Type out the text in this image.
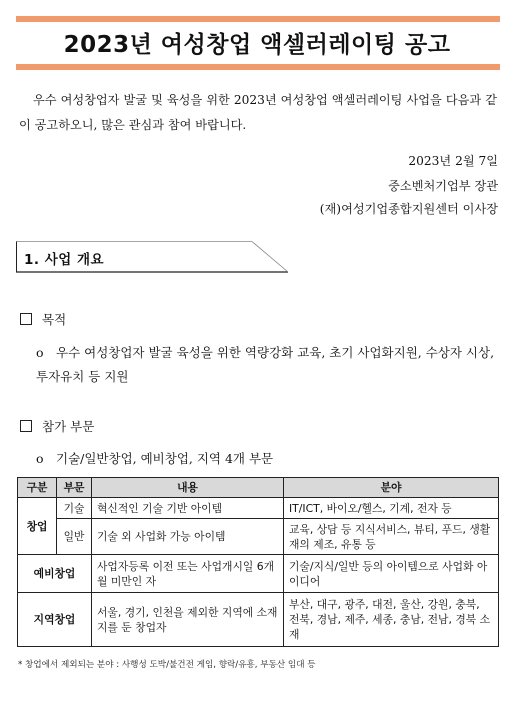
2023년 여성창업 액셀러레이팅 공고
우수 여성창업자 발굴 및 육성을 위한 2023년 여성창업 액셀러레이팅 사업을 다음과 같이 공고하오니, 많은 관심과 참여 바랍니다.
2023년 2월 7일
중소벤처기업부 장관
(재)여성기업종합지원센터 이사장
1. 사업 개요
목적
o 우수 여성창업자 발굴 육성을 위한 역량강화 교육, 초기 사업화지원, 수상자 시상, 투자유치 등 지원
참가 부문
o 기술/일반창업, 예비창업, 지역 4개 부문
구분	부문	내용	분야
창업	기술	혁신적인 기술 기반 아이템	IT/ICT, 바이오/헬스, 기계, 전자 등
	일반	기술 외 사업화 가능 아이템	교육, 상담 등 지식서비스, 뷰티, 푸드, 생활재의 제조, 유통 등
예비창업		사업자등록 이전 또는 사업개시일 6개월 미만인 자	기술/지식/일반 등의 아이템으로 사업화 아이디어
지역창업		서울, 경기, 인천을 제외한 지역에 소재지를 둔 창업자	부산, 대구, 광주, 대전, 울산, 강원, 충북, 전북, 경남, 제주, 세종, 충남, 전남, 경북 소재
* 창업에서 제외되는 분야 : 사행성 도박/불건전 게임, 향락/유흥, 부동산 임대 등
